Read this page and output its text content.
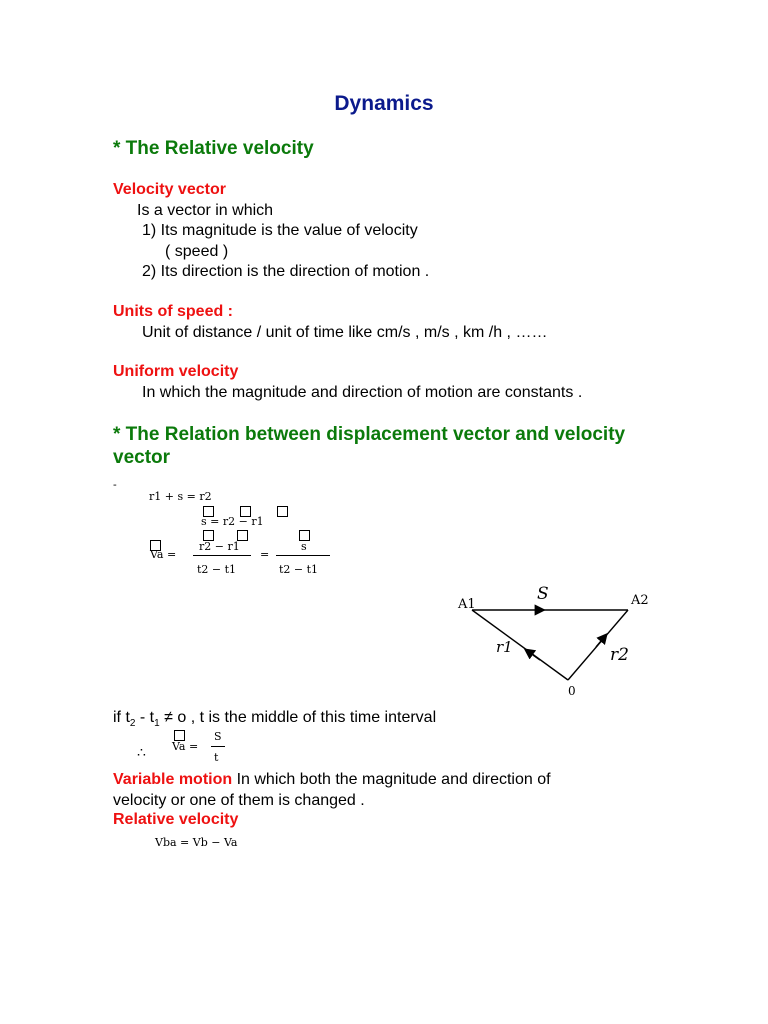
Dynamics
* The Relative velocity
Velocity vector
Is a vector in which
1) Its magnitude is the value of velocity
( speed )
2) Its direction is the direction of motion .
Units of speed :
Unit of distance / unit of time like cm/s , m/s , km /h , ……
Uniform velocity
In which the magnitude and direction of motion are constants .
* The Relation between displacement vector and velocity
vector
-
r1 + s = r2
s = r2 − r1
Va =
r2 − r1
t2 − t1
=
s
t2 − t1
A1	A2
S
r1	r2
0
if $t_2 - t_1 \ne o$ , t is the middle of this time interval
∴ Va =
S
t
Variable motion In which both the magnitude and direction of
velocity or one of them is changed .
Relative velocity
Vba = Vb − Va
